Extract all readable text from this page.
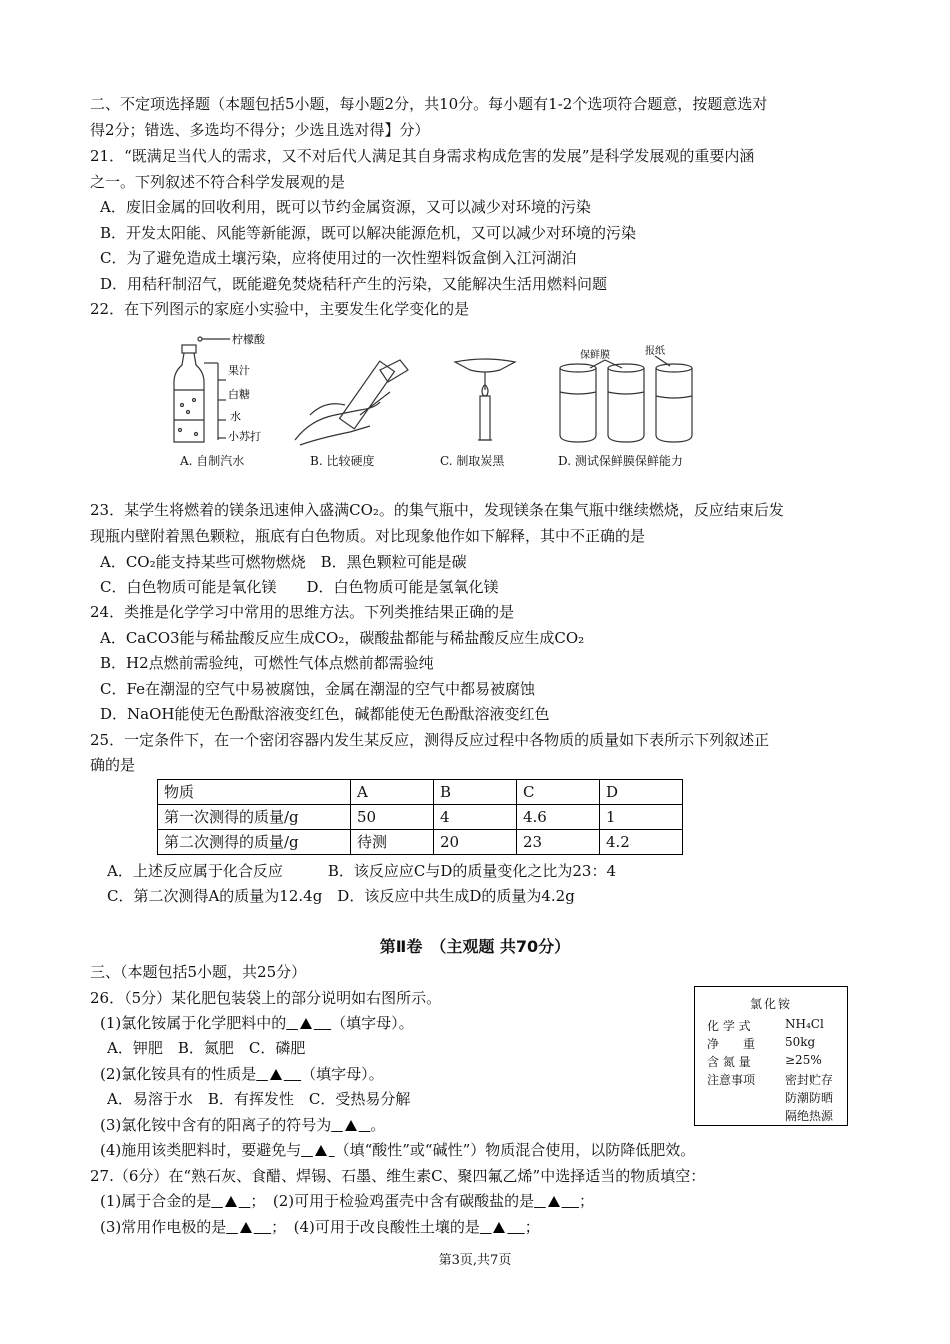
二、不定项选择题（本题包括5小题，每小题2分，共10分。每小题有1-2个选项符合题意，按题意选对
得2分；错选、多选均不得分；少选且选对得】分）
21．“既满足当代人的需求，又不对后代人满足其自身需求构成危害的发展”是科学发展观的重要内涵
之一。下列叙述不符合科学发展观的是
A．废旧金属的回收利用，既可以节约金属资源，又可以减少对环境的污染
B．开发太阳能、风能等新能源，既可以解决能源危机，又可以减少对环境的污染
C．为了避免造成土壤污染，应将使用过的一次性塑料饭盒倒入江河湖泊
D．用秸秆制沼气，既能避免焚烧秸秆产生的污染，又能解决生活用燃料问题
22．在下列图示的家庭小实验中，主要发生化学变化的是
柠檬酸
果汁
白糖
水
小苏打
保鲜膜	报纸
A. 自制汽水	B. 比较硬度	C. 制取炭黑	D. 测试保鲜膜保鲜能力
23．某学生将燃着的镁条迅速伸入盛满CO₂。的集气瓶中，发现镁条在集气瓶中继续燃烧，反应结束后发
现瓶内壁附着黑色颗粒，瓶底有白色物质。对比现象他作如下解释，其中不正确的是
A．CO₂能支持某些可燃物燃烧　B．黑色颗粒可能是碳
C．白色物质可能是氧化镁　　D．白色物质可能是氢氧化镁
24．类推是化学学习中常用的思维方法。下列类推结果正确的是
A．CaCO3能与稀盐酸反应生成CO₂，碳酸盐都能与稀盐酸反应生成CO₂
B．H2点燃前需验纯，可燃性气体点燃前都需验纯
C．Fe在潮湿的空气中易被腐蚀，金属在潮湿的空气中都易被腐蚀
D．NaOH能使无色酚酞溶液变红色，碱都能使无色酚酞溶液变红色
25．一定条件下，在一个密闭容器内发生某反应，测得反应过程中各物质的质量如下表所示下列叙述正
确的是
物质	A	B	C	D
第一次测得的质量/g	50	4	4.6	1
第二次测得的质量/g	待测	20	23	4.2
A．上述反应属于化合反应　　　B．该反应应C与D的质量变化之比为23：4
C．第二次测得A的质量为12.4g　D．该反应中共生成D的质量为4.2g
第Ⅱ卷　（主观题 共70分）
三、（本题包括5小题，共25分）
26．（5分）某化肥包装袋上的部分说明如右图所示。
(1)氯化铵属于化学肥料中的	（填字母）。
A．钾肥　B．氮肥　C．磷肥
(2)氯化铵具有的性质是	（填字母）。
A．易溶于水　B．有挥发性　C．受热易分解
(3)氯化铵中含有的阳离子的符号为	。
(4)施用该类肥料时，要避免与 （填“酸性”或“碱性”）物质混合使用，以防降低肥效。
氯化铵
化 学 式	NH₄Cl
净　　重 50kg
含 氮 量	≥25%
注意事项 密封贮存
防潮防晒
隔绝热源
27.（6分）在“熟石灰、食醋、焊锡、石墨、维生素C、聚四氟乙烯”中选择适当的物质填空：
(1)属于合金的是	；　(2)可用于检验鸡蛋壳中含有碳酸盐的是	；
(3)常用作电极的是	；　(4)可用于改良酸性土壤的是	；
第3页,共7页
